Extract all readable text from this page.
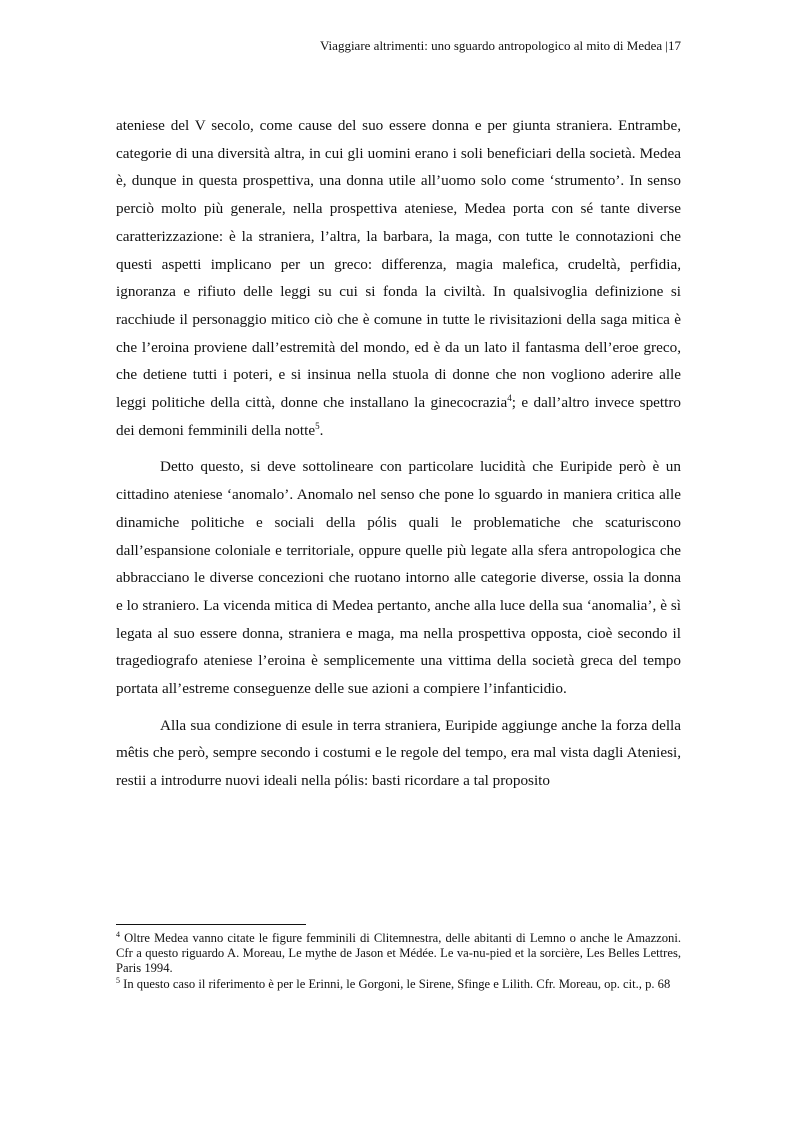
Viaggiare altrimenti: uno sguardo antropologico al mito di Medea |17

ateniese del V secolo, come cause del suo essere donna e per giunta straniera. Entrambe, categorie di una diversità altra, in cui gli uomini erano i soli beneficiari della società. Medea è, dunque in questa prospettiva, una donna utile all’uomo solo come ‘strumento’. In senso perciò molto più generale, nella prospettiva ateniese, Medea porta con sé tante diverse caratterizzazione: è la straniera, l’altra, la barbara, la maga, con tutte le connotazioni che questi aspetti implicano per un greco: differenza, magia malefica, crudeltà, perfidia, ignoranza e rifiuto delle leggi su cui si fonda la civiltà. In qualsivoglia definizione si racchiude il personaggio mitico ciò che è comune in tutte le rivisitazioni della saga mitica è che l’eroina proviene dall’estremità del mondo, ed è da un lato il fantasma dell’eroe greco, che detiene tutti i poteri, e si insinua nella stuola di donne che non vogliono aderire alle leggi politiche della città, donne che installano la ginecocrazia$^4$; e dall’altro invece spettro dei demoni femminili della notte$^5$.

Detto questo, si deve sottolineare con particolare lucidità che Euripide però è un cittadino ateniese ‘anomalo’. Anomalo nel senso che pone lo sguardo in maniera critica alle dinamiche politiche e sociali della pólis quali le problematiche che scaturiscono dall’espansione coloniale e territoriale, oppure quelle più legate alla sfera antropologica che abbracciano le diverse concezioni che ruotano intorno alle categorie diverse, ossia la donna e lo straniero. La vicenda mitica di Medea pertanto, anche alla luce della sua ‘anomalia’, è sì legata al suo essere donna, straniera e maga, ma nella prospettiva opposta, cioè secondo il tragediografo ateniese l’eroina è semplicemente una vittima della società greca del tempo portata all’estreme conseguenze delle sue azioni a compiere l’infanticidio.

Alla sua condizione di esule in terra straniera, Euripide aggiunge anche la forza della mêtis che però, sempre secondo i costumi e le regole del tempo, era mal vista dagli Ateniesi, restii a introdurre nuovi ideali nella pólis: basti ricordare a tal proposito

$^4$ Oltre Medea vanno citate le figure femminili di Clitemnestra, delle abitanti di Lemno o anche le Amazzoni. Cfr a questo riguardo A. Moreau, Le mythe de Jason et Médée. Le va-nu-pied et la sorcière, Les Belles Lettres, Paris 1994.

$^5$ In questo caso il riferimento è per le Erinni, le Gorgoni, le Sirene, Sfinge e Lilith. Cfr. Moreau, op. cit., p. 68
